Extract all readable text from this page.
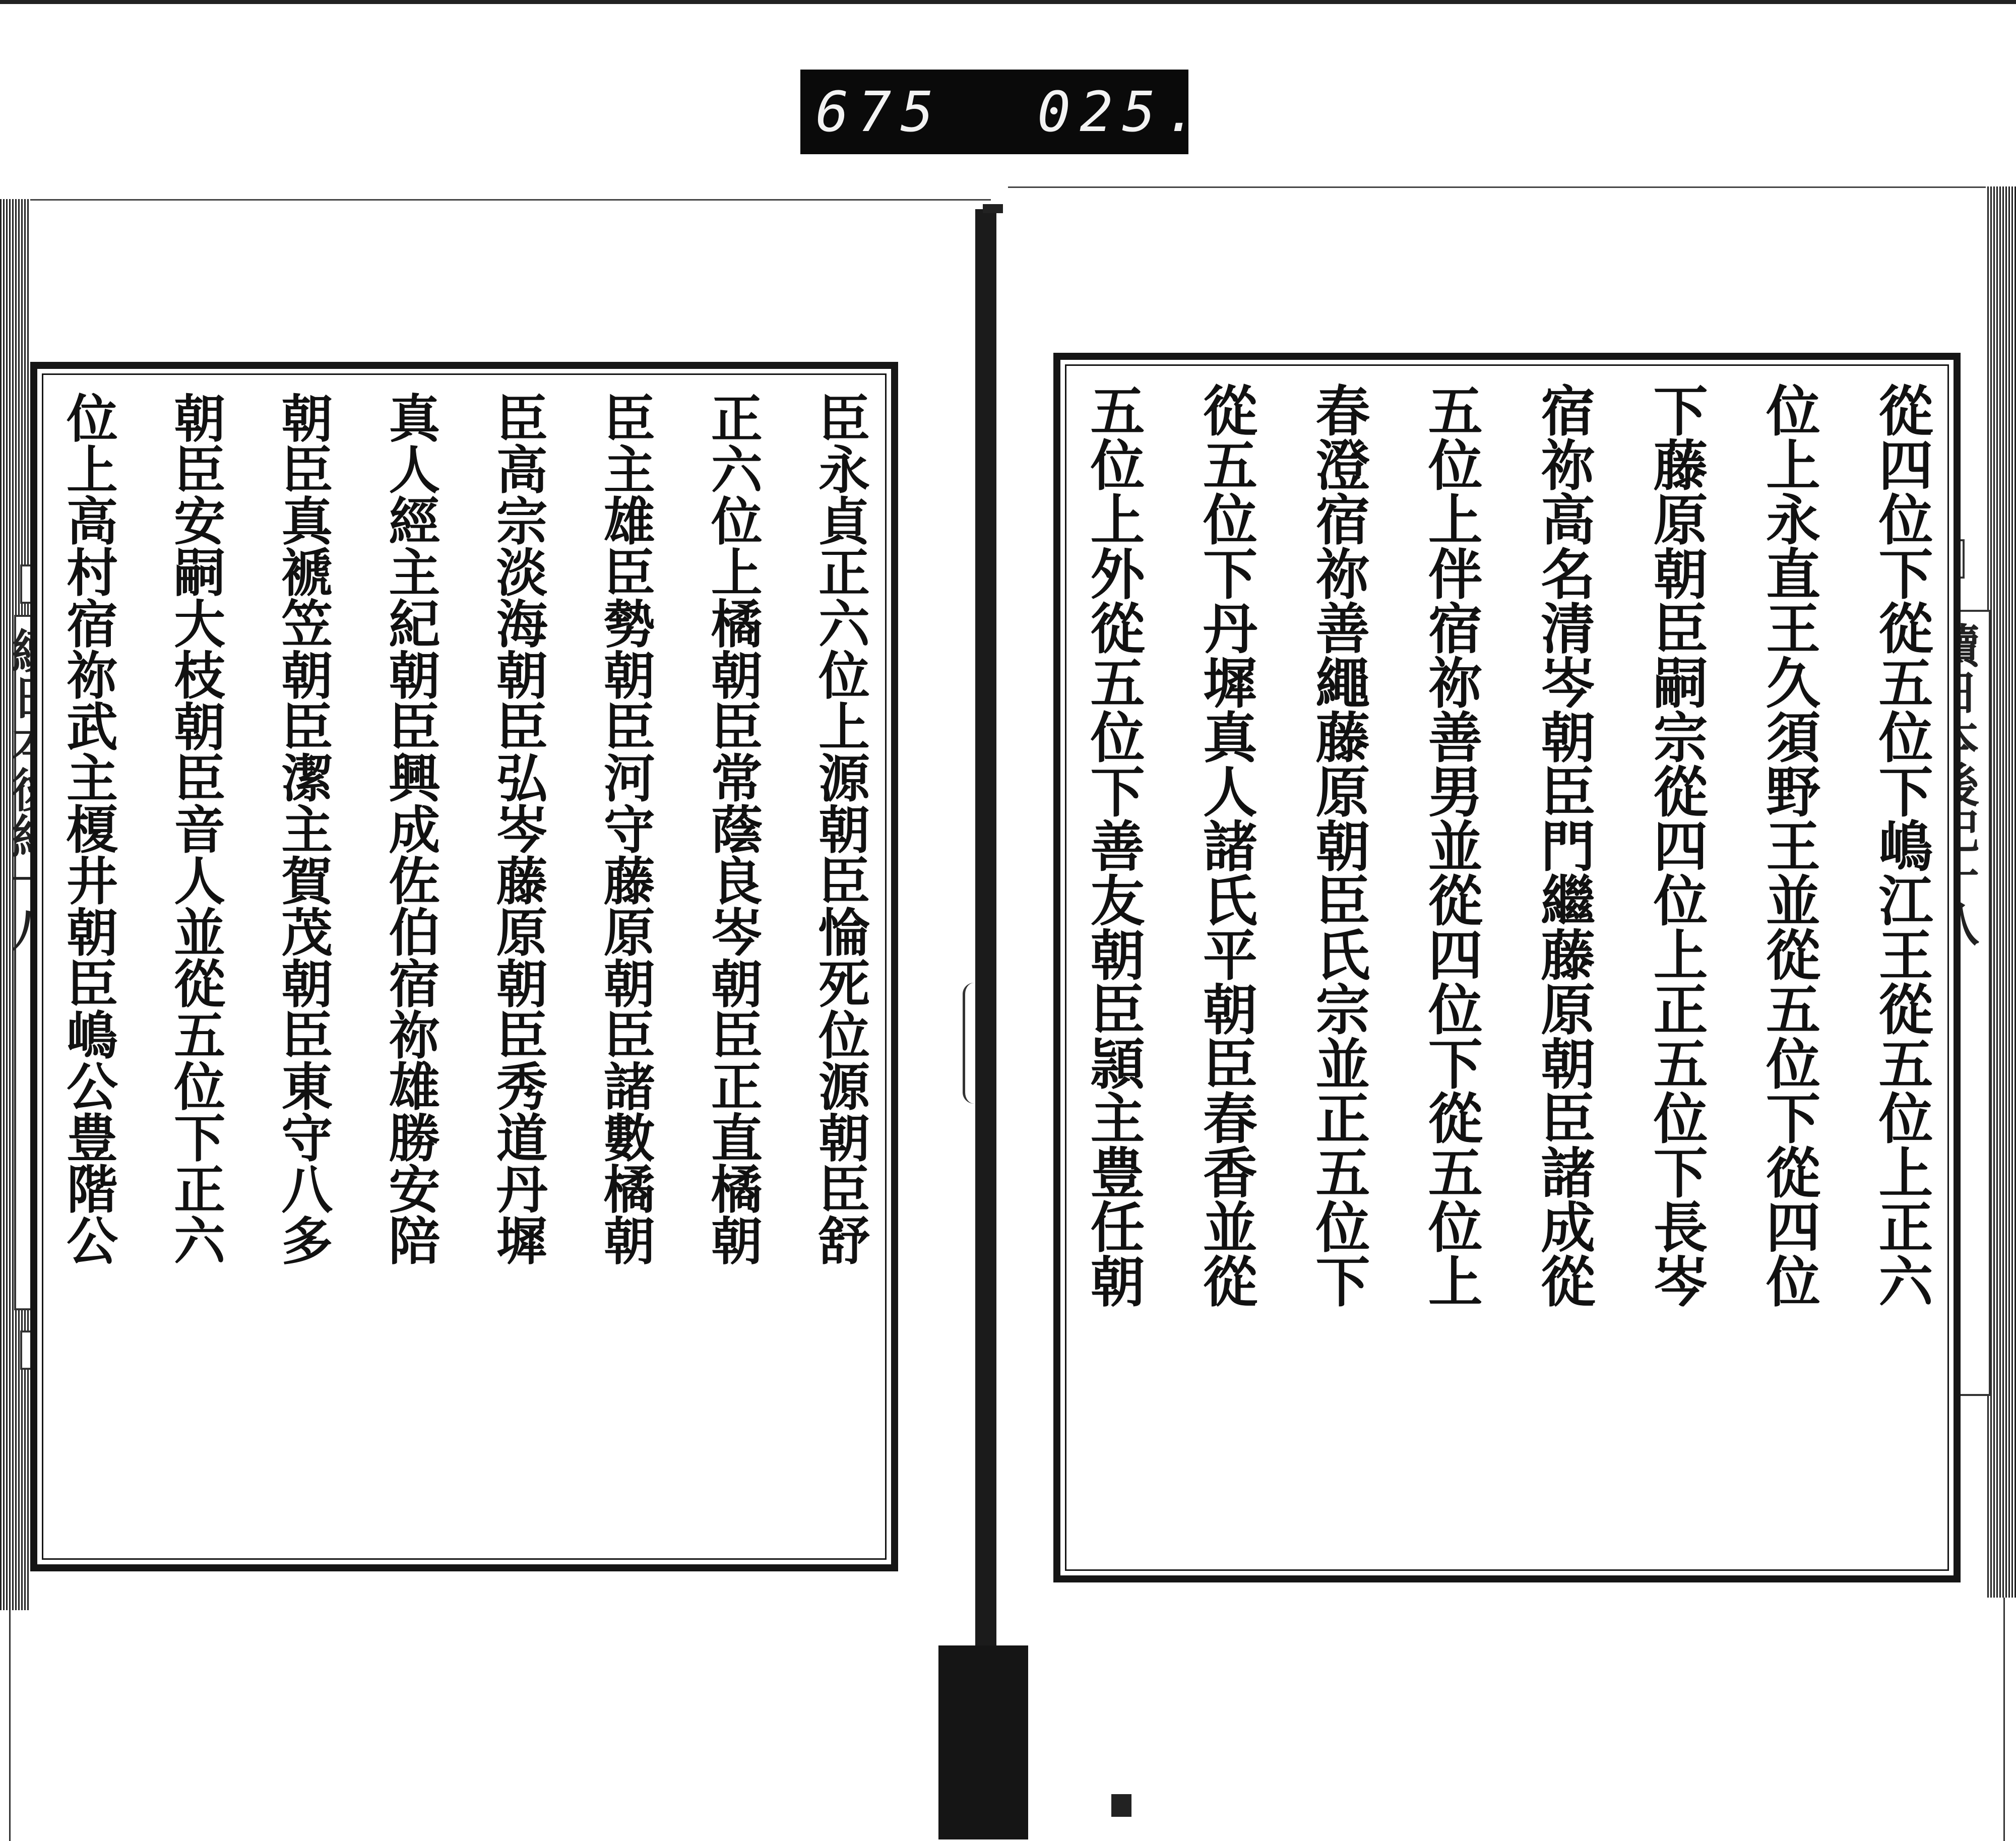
675 025.
臣永貞正六位上源朝臣惀死位源朝臣舒
正六位上橘朝臣常蔭良岑朝臣正直橘朝
臣主雄臣勢朝臣河守藤原朝臣諸數橘朝
臣高宗淡海朝臣弘岑藤原朝臣秀道丹墀
真人經主紀朝臣興成佐伯宿祢雄勝安陪
朝臣真褫笠朝臣潔主賀茂朝臣東守八多
朝臣安嗣大枝朝臣音人並從五位下正六
位上高村宿祢武主榎井朝臣嶋公豊階公	從四位下從五位下嶋江王從五位上正六
位上永直王久須野王並從五位下從四位
下藤原朝臣嗣宗從四位上正五位下長岑
宿祢高名清岑朝臣門繼藤原朝臣諸成從
五位上伴宿祢善男並從四位下從五位上
春澄宿祢善繩藤原朝臣氏宗並正五位下
從五位下丹墀真人諸氏平朝臣春香並從
五位上外從五位下善友朝臣頴主豊任朝
